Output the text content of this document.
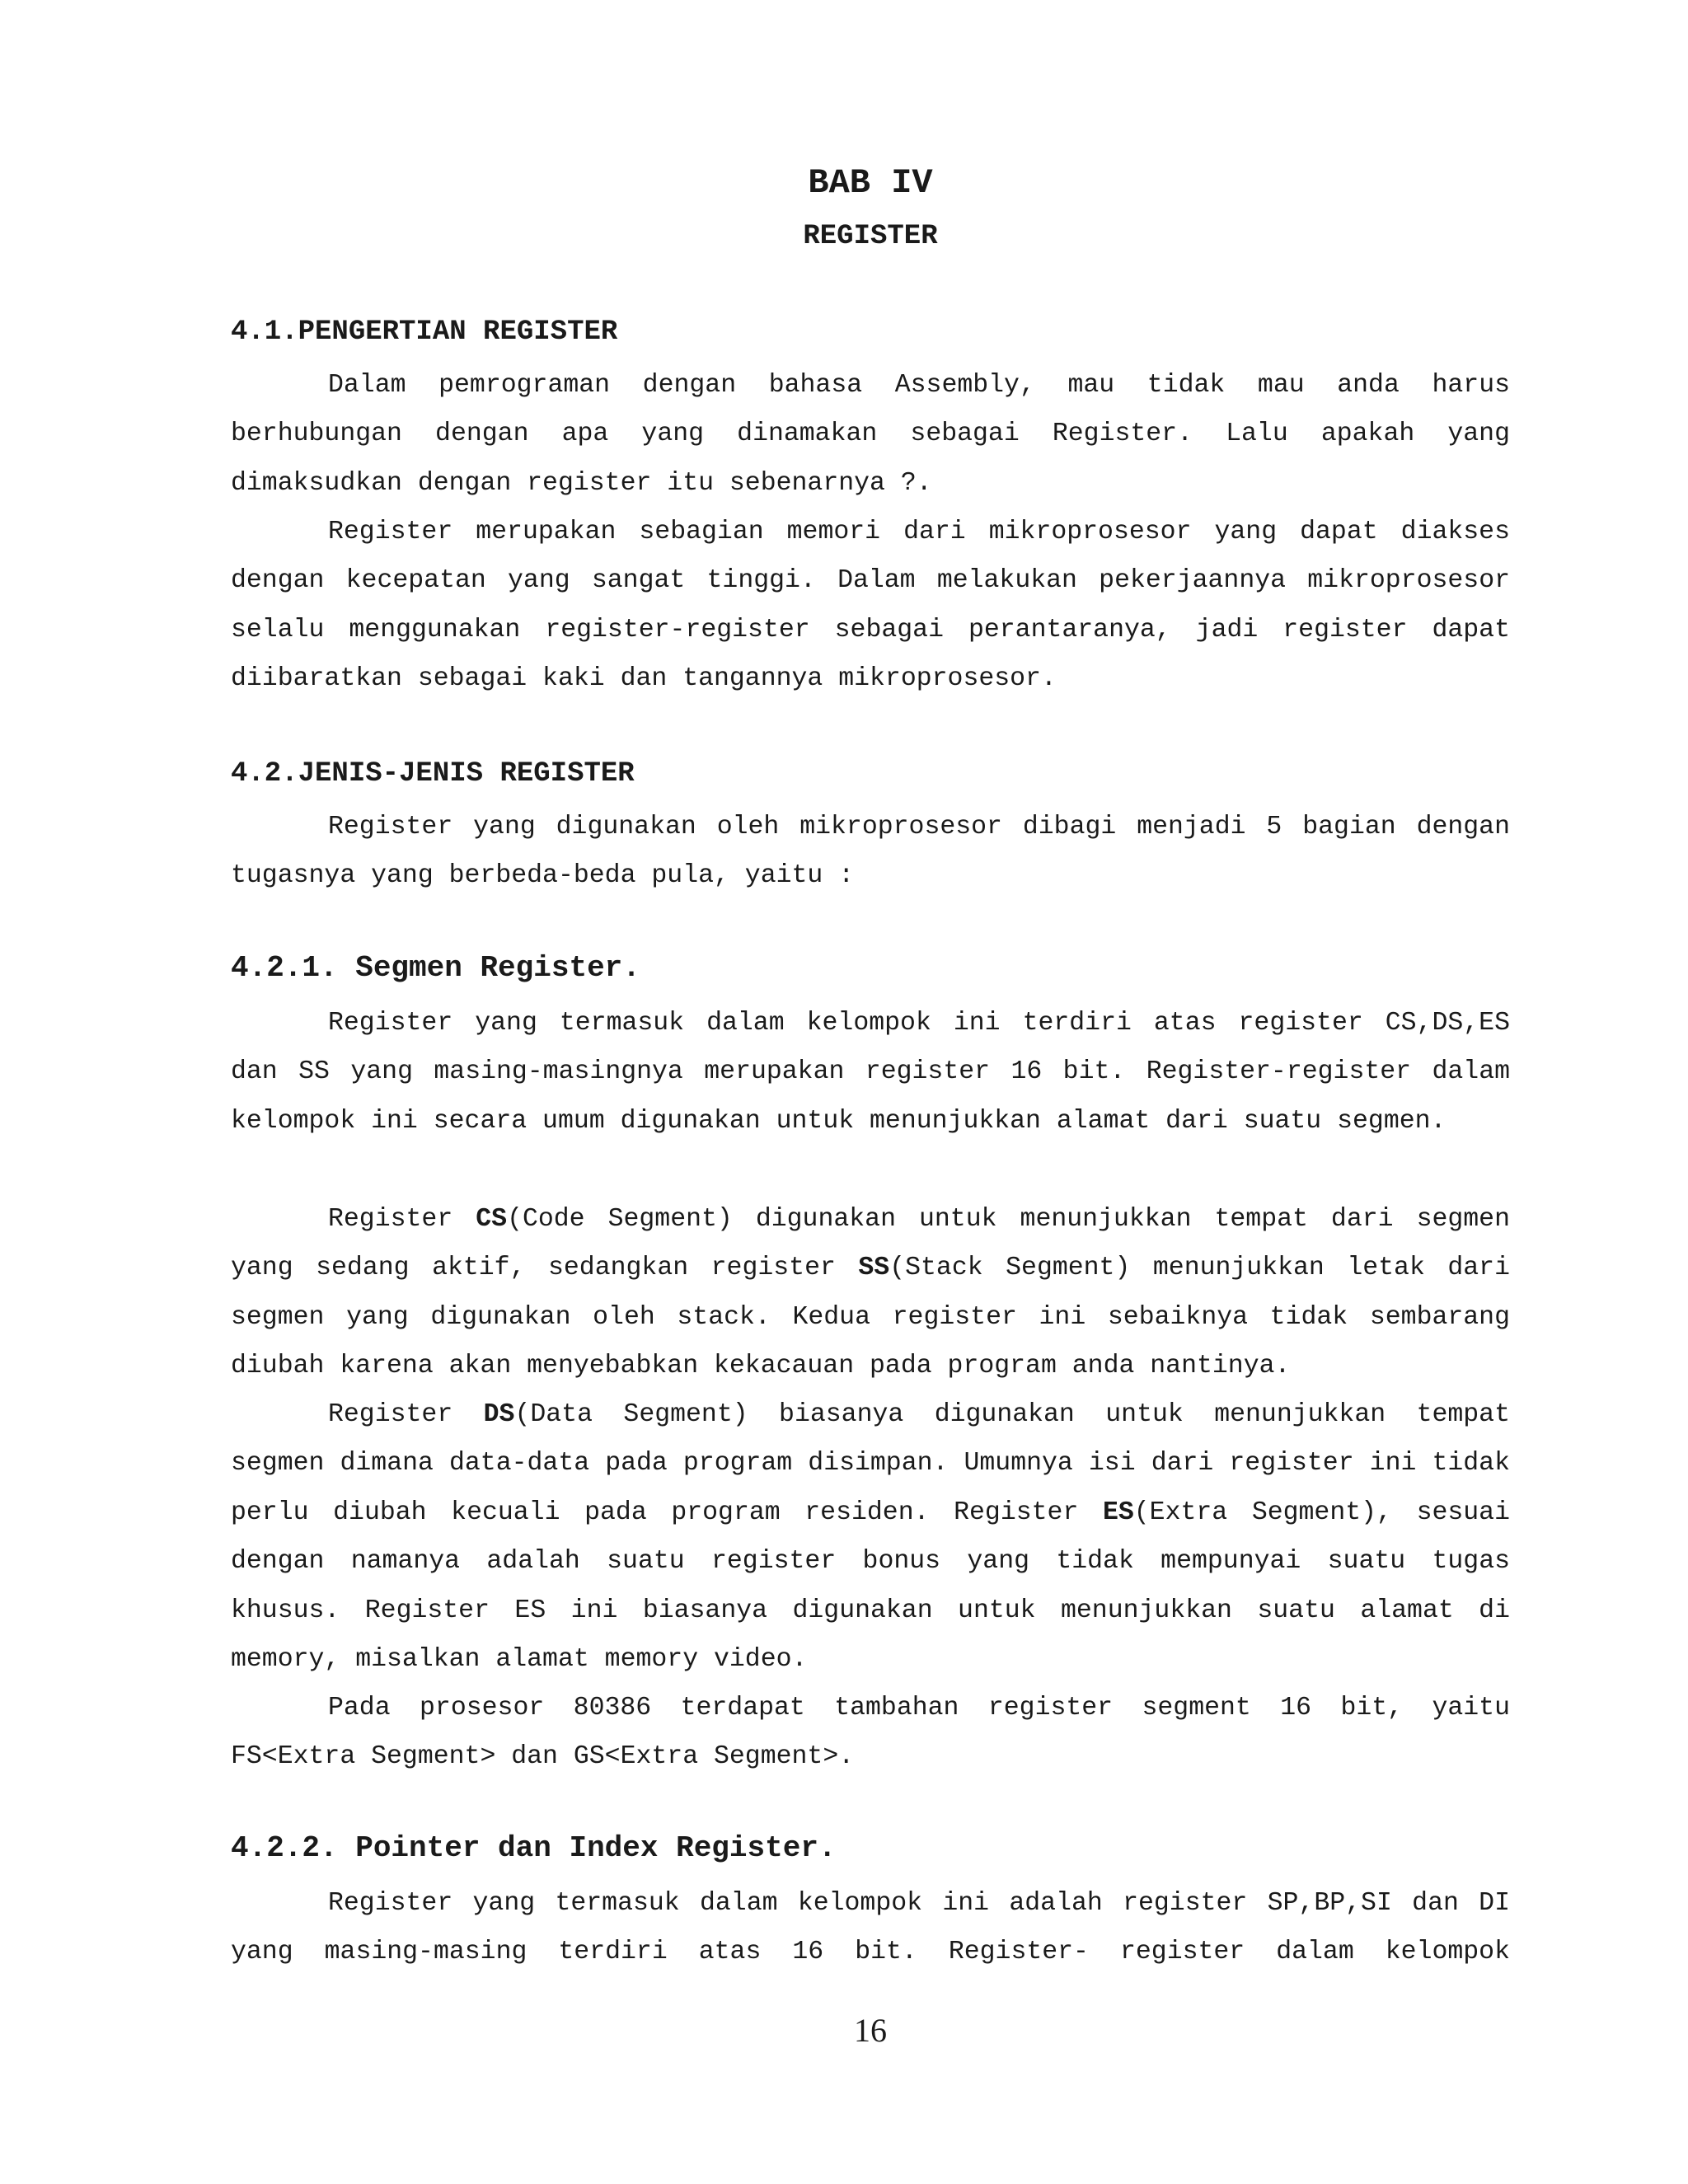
BAB IV
REGISTER
4.1.PENGERTIAN REGISTER

Dalam pemrograman dengan bahasa Assembly, mau tidak mau anda harus berhubungan dengan apa yang dinamakan sebagai Register. Lalu apakah yang dimaksudkan dengan register itu sebenarnya ?.

Register merupakan sebagian memori dari mikroprosesor yang dapat diakses dengan kecepatan yang sangat tinggi. Dalam melakukan pekerjaannya mikroprosesor selalu menggunakan register-register sebagai perantaranya, jadi register dapat diibaratkan sebagai kaki dan tangannya mikroprosesor.

4.2.JENIS-JENIS REGISTER

Register yang digunakan oleh mikroprosesor dibagi menjadi 5 bagian dengan tugasnya yang berbeda-beda pula, yaitu :

4.2.1. Segmen Register.

Register yang termasuk dalam kelompok ini terdiri atas register CS,DS,ES dan SS yang masing-masingnya merupakan register 16 bit. Register-register dalam kelompok ini secara umum digunakan untuk menunjukkan alamat dari suatu segmen.

Register CS(Code Segment) digunakan untuk menunjukkan tempat dari segmen yang sedang aktif, sedangkan register SS(Stack Segment) menunjukkan letak dari segmen yang digunakan oleh stack. Kedua register ini sebaiknya tidak sembarang diubah karena akan menyebabkan kekacauan pada program anda nantinya.

Register DS(Data Segment) biasanya digunakan untuk menunjukkan tempat segmen dimana data-data pada program disimpan. Umumnya isi dari register ini tidak perlu diubah kecuali pada program residen. Register ES(Extra Segment), sesuai dengan namanya adalah suatu register bonus yang tidak mempunyai suatu tugas khusus. Register ES ini biasanya digunakan untuk menunjukkan suatu alamat di memory, misalkan alamat memory video.

Pada prosesor 80386 terdapat tambahan register segment 16 bit, yaitu FS<Extra Segment> dan GS<Extra Segment>.

4.2.2. Pointer dan Index Register.

Register yang termasuk dalam kelompok ini adalah register SP,BP,SI dan DI yang masing-masing terdiri atas 16 bit. Register- register dalam kelompok

16
